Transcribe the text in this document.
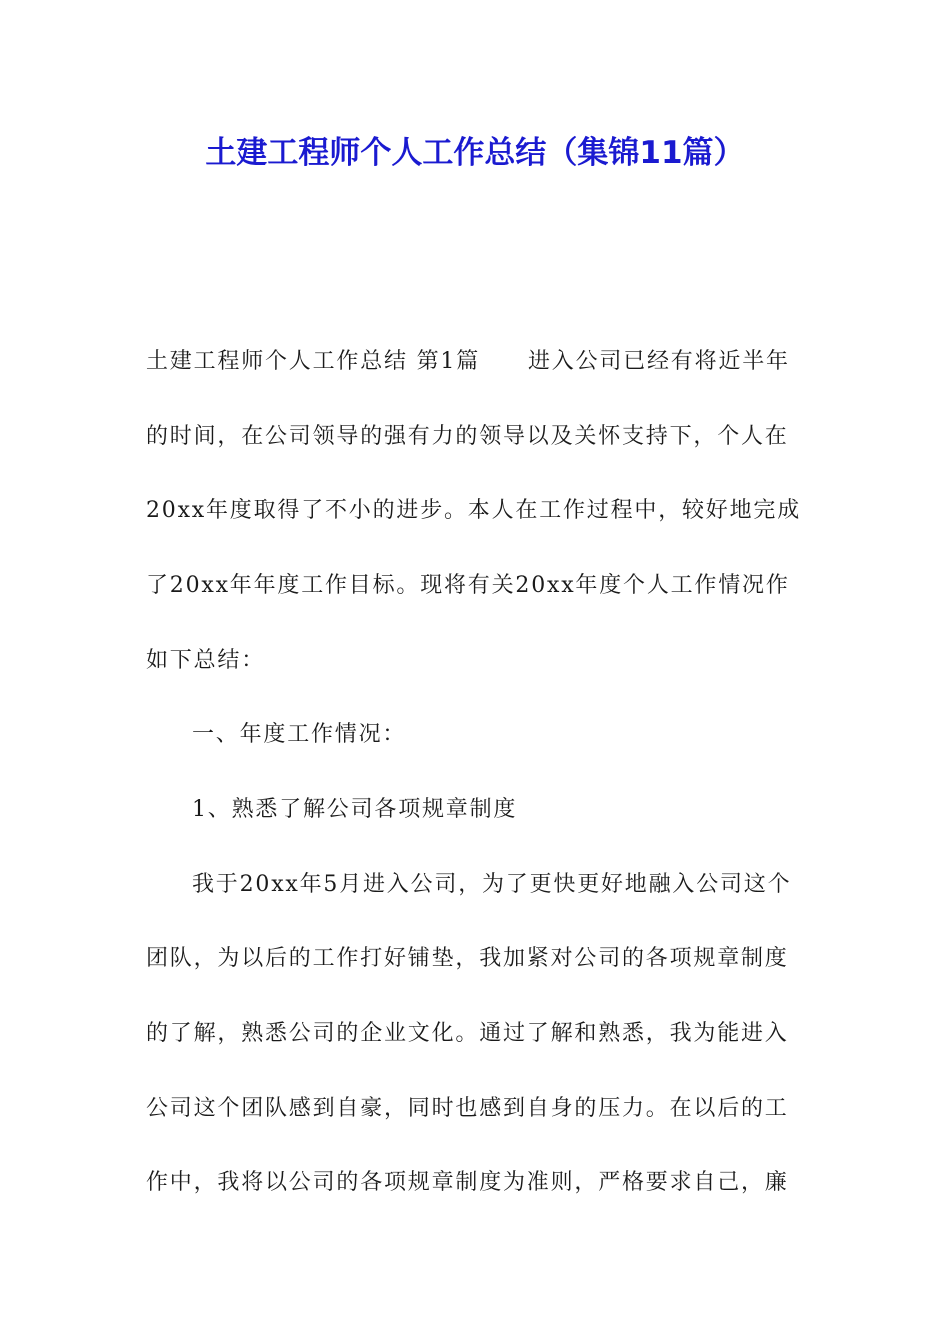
土建工程师个人工作总结（集锦11篇）
土建工程师个人工作总结 第1篇 进入公司已经有将近半年
的时间，在公司领导的强有力的领导以及关怀支持下，个人在
20xx年度取得了不小的进步。本人在工作过程中，较好地完成
了20xx年年度工作目标。现将有关20xx年度个人工作情况作
如下总结：
一、年度工作情况：
1、熟悉了解公司各项规章制度
我于20xx年5月进入公司，为了更快更好地融入公司这个
团队，为以后的工作打好铺垫，我加紧对公司的各项规章制度
的了解，熟悉公司的企业文化。通过了解和熟悉，我为能进入
公司这个团队感到自豪，同时也感到自身的压力。在以后的工
作中，我将以公司的各项规章制度为准则，严格要求自己，廉
